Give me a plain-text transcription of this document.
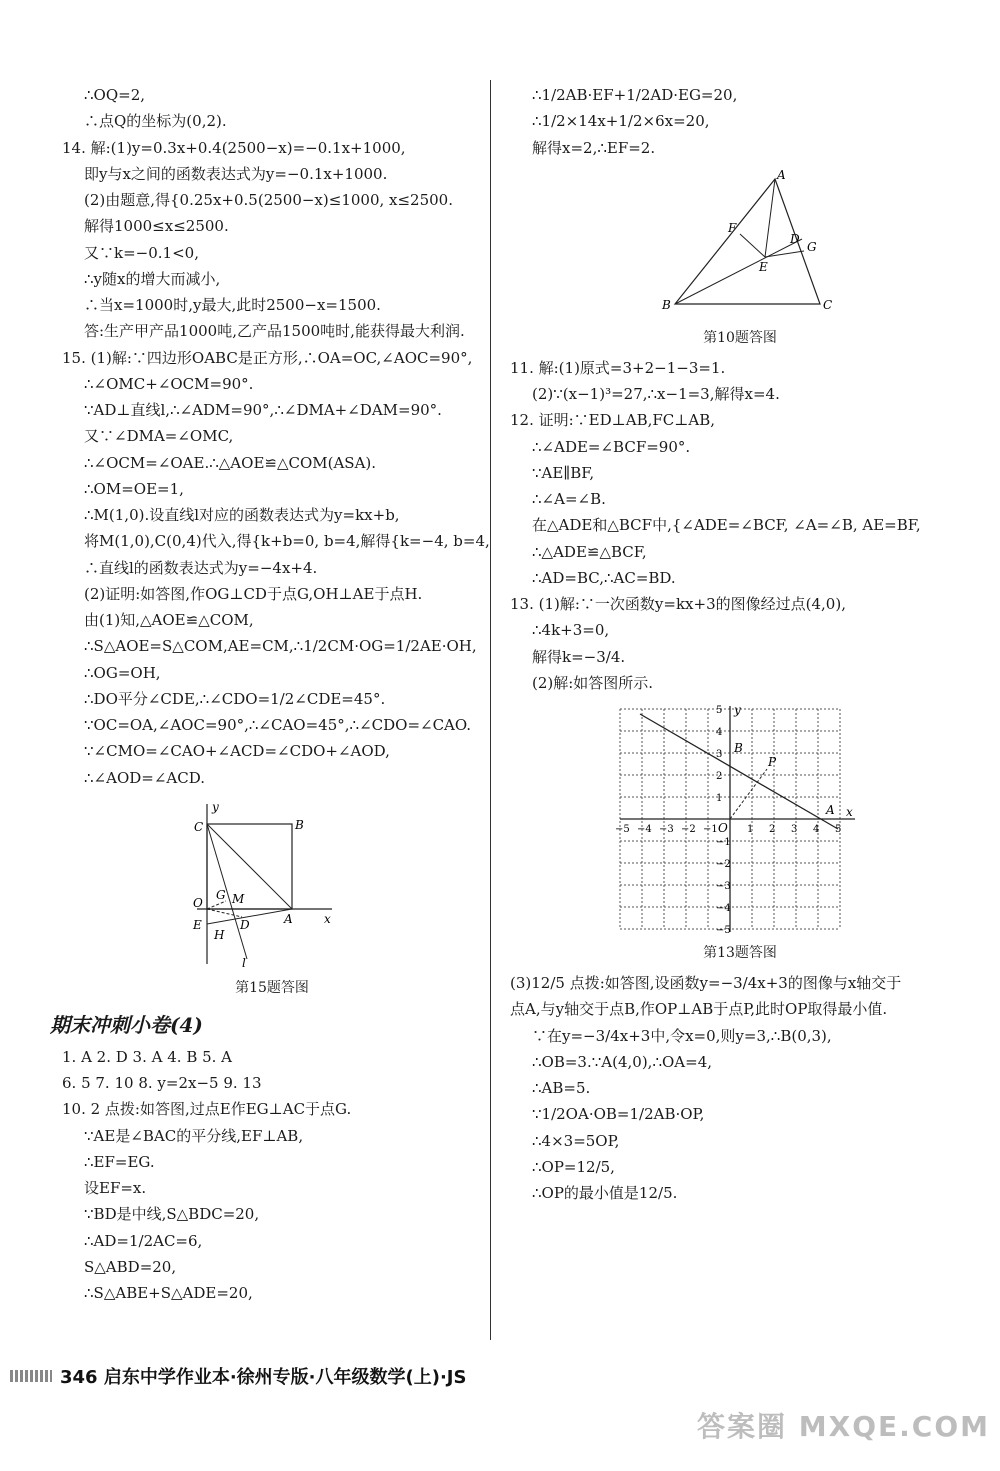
∴OQ=2,

∴点Q的坐标为(0,2).

14. 解:(1)y=0.3x+0.4(2500−x)=−0.1x+1000,

即y与x之间的函数表达式为y=−0.1x+1000.

(2)由题意,得{0.25x+0.5(2500−x)≤1000, x≤2500.

解得1000≤x≤2500.

又∵k=−0.1<0,

∴y随x的增大而减小,

∴当x=1000时,y最大,此时2500−x=1500.

答:生产甲产品1000吨,乙产品1500吨时,能获得最大利润.

15. (1)解:∵四边形OABC是正方形,∴OA=OC,∠AOC=90°,

∴∠OMC+∠OCM=90°.

∵AD⊥直线l,∴∠ADM=90°,∴∠DMA+∠DAM=90°.

又∵∠DMA=∠OMC,

∴∠OCM=∠OAE.∴△AOE≌△COM(ASA).

∴OM=OE=1,

∴M(1,0).设直线l对应的函数表达式为y=kx+b,

将M(1,0),C(0,4)代入,得{k+b=0, b=4,解得{k=−4, b=4,

∴直线l的函数表达式为y=−4x+4.

(2)证明:如答图,作OG⊥CD于点G,OH⊥AE于点H.

由(1)知,△AOE≌△COM,

∴S△AOE=S△COM,AE=CM,∴1/2CM·OG=1/2AE·OH,

∴OG=OH,

∴DO平分∠CDE,∴∠CDO=1/2∠CDE=45°.

∵OC=OA,∠AOC=90°,∴∠CAO=45°,∴∠CDO=∠CAO.

∵∠CMO=∠CAO+∠ACD=∠CDO+∠AOD,

∴∠AOD=∠ACD.

y
C	B
G M
O
E
H
D	A	x
l
第15题答图
期末冲刺小卷(4)

1. A 2. D 3. A 4. B 5. A

6. 5 7. 10 8. y=2x−5 9. 13

10. 2 点拨:如答图,过点E作EG⊥AC于点G.

∵AE是∠BAC的平分线,EF⊥AB,

∴EF=EG.

设EF=x.

∵BD是中线,S△BDC=20,

∴AD=1/2AC=6,

S△ABD=20,

∴S△ABE+S△ADE=20,

∴1/2AB·EF+1/2AD·EG=20,

∴1/2×14x+1/2×6x=20,

解得x=2,∴EF=2.

A
F
D
G
E
B	C
第10题答图

11. 解:(1)原式=3+2−1−3=1.

(2)∵(x−1)³=27,∴x−1=3,解得x=4.

12. 证明:∵ED⊥AB,FC⊥AB,

∴∠ADE=∠BCF=90°.

∵AE∥BF,

∴∠A=∠B.

在△ADE和△BCF中,{∠ADE=∠BCF, ∠A=∠B, AE=BF,

∴△ADE≌△BCF,

∴AD=BC,∴AC=BD.

13. (1)解:∵一次函数y=kx+3的图像经过点(4,0),

∴4k+3=0,

解得k=−3/4.

(2)解:如答图所示.

−5
−5
−4
−4
−3
−3
−2
−2
−1
−1
1
1
2
2
3
3
4
4
5
5 y
x
O
A
B
P
第13题答图

(3)12/5 点拨:如答图,设函数y=−3/4x+3的图像与x轴交于

点A,与y轴交于点B,作OP⊥AB于点P,此时OP取得最小值.

∵在y=−3/4x+3中,令x=0,则y=3,∴B(0,3),

∴OB=3.∵A(4,0),∴OA=4,

∴AB=5.

∵1/2OA·OB=1/2AB·OP,

∴4×3=5OP,

∴OP=12/5,

∴OP的最小值是12/5.

346 启东中学作业本·徐州专版·八年级数学(上)·JS
答案圈 MXQE.COM
